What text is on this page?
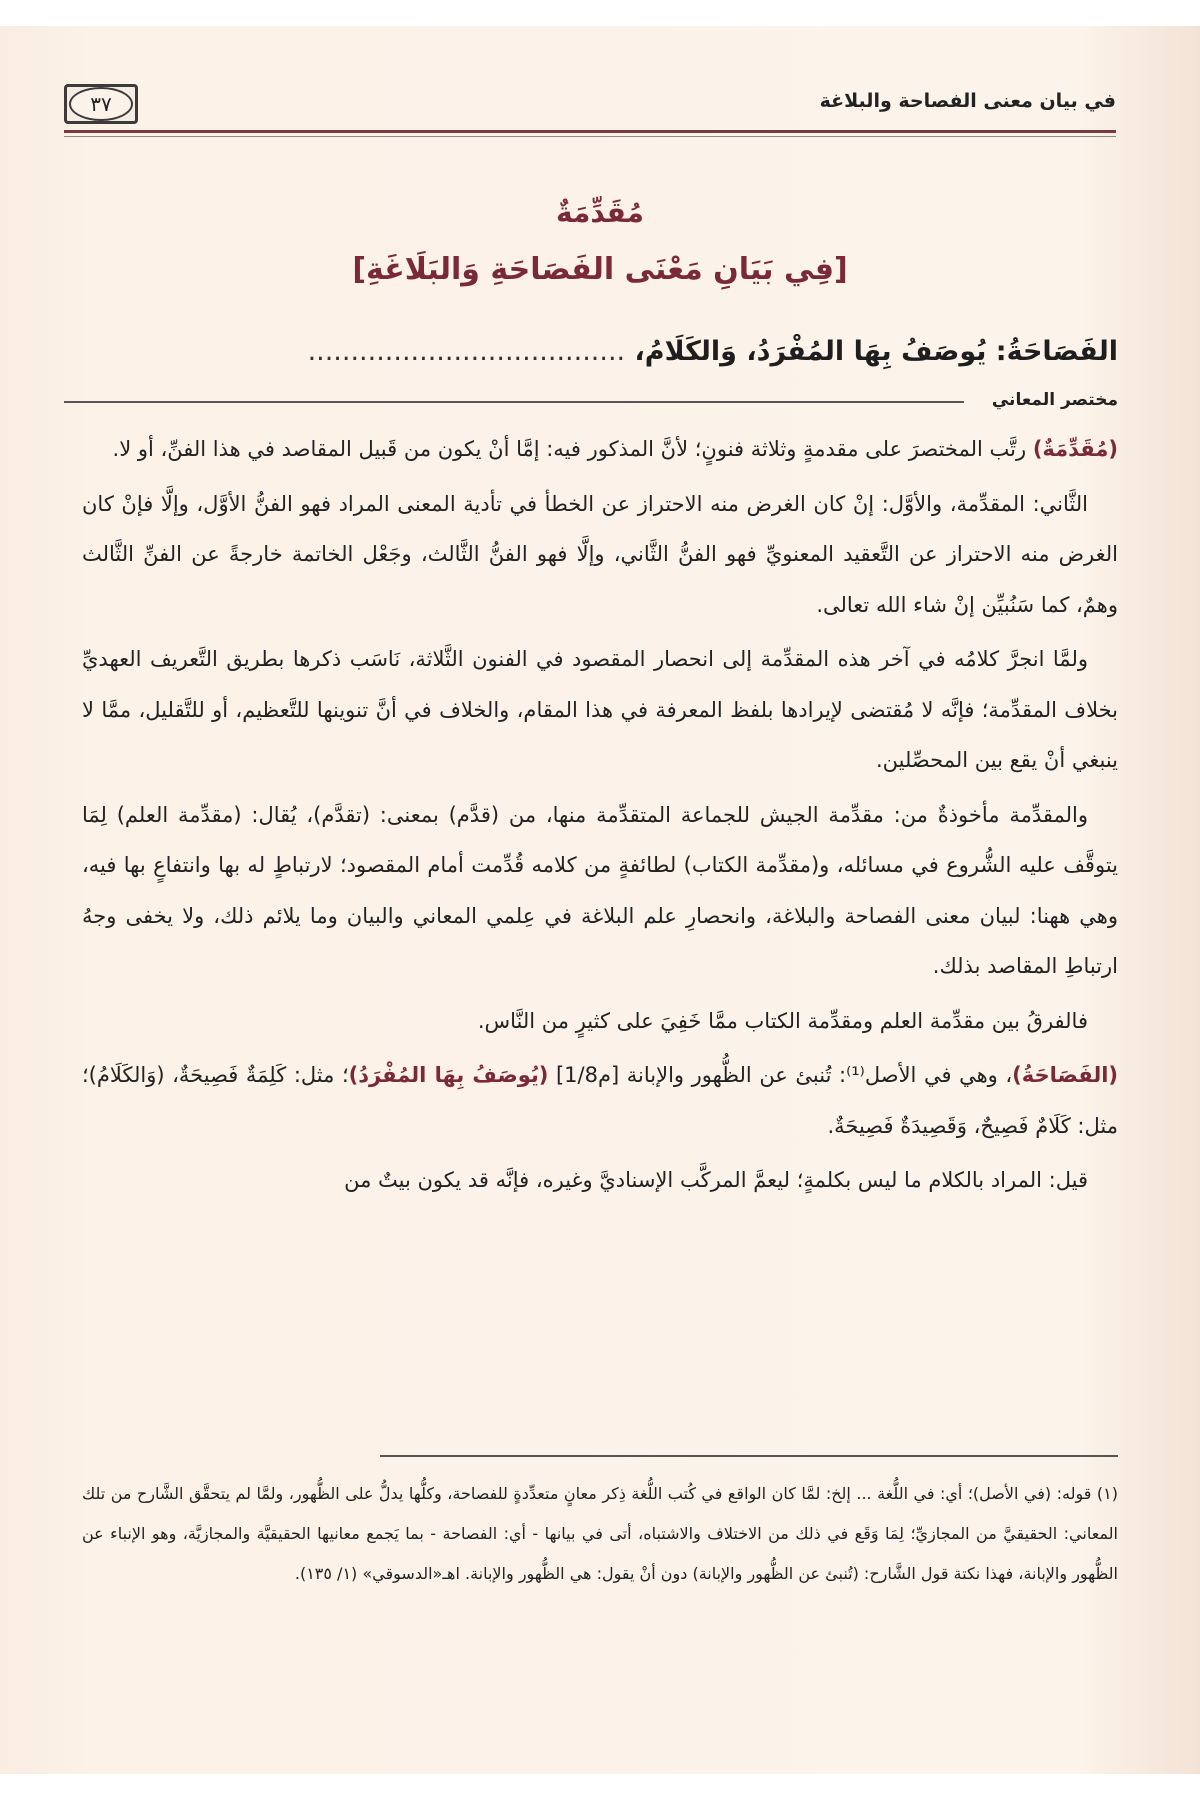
في بيان معنى الفصاحة والبلاغة
٣٧
مُقَدِّمَةٌ
[فِي بَيَانِ مَعْنَى الفَصَاحَةِ وَالبَلَاغَةِ]
الفَصَاحَةُ: يُوصَفُ بِهَا المُفْرَدُ، وَالكَلَامُ، .....................................
مختصر المعاني

(مُقَدِّمَةٌ) رتَّب المختصرَ على مقدمةٍ وثلاثة فنونٍ؛ لأنَّ المذكور فيه: إمَّا أنْ يكون من قَبيل المقاصد في هذا الفنِّ، أو لا.

الثَّاني: المقدِّمة، والأوَّل: إنْ كان الغرض منه الاحتراز عن الخطأ في تأدية المعنى المراد فهو الفنُّ الأوَّل، وإلَّا فإنْ كان الغرض منه الاحتراز عن التَّعقيد المعنويِّ فهو الفنُّ الثَّاني، وإلَّا فهو الفنُّ الثَّالث، وجَعْل الخاتمة خارجةً عن الفنِّ الثَّالث وهمٌ، كما سَنُبيِّن إنْ شاء الله تعالى.

ولمَّا انجرَّ كلامُه في آخر هذه المقدِّمة إلى انحصار المقصود في الفنون الثَّلاثة، نَاسَب ذكرها بطريق التَّعريف العهديِّ بخلاف المقدِّمة؛ فإنَّه لا مُقتضى لإيرادها بلفظ المعرفة في هذا المقام، والخلاف في أنَّ تنوينها للتَّعظيم، أو للتَّقليل، ممَّا لا ينبغي أنْ يقع بين المحصِّلين.

والمقدِّمة مأخوذةٌ من: مقدِّمة الجيش للجماعة المتقدِّمة منها، من (قدَّم) بمعنى: (تقدَّم)، يُقال: (مقدِّمة العلم) لِمَا يتوقَّف عليه الشُّروع في مسائله، و(مقدِّمة الكتاب) لطائفةٍ من كلامه قُدِّمت أمام المقصود؛ لارتباطٍ له بها وانتفاعٍ بها فيه، وهي ههنا: لبيان معنى الفصاحة والبلاغة، وانحصارِ علم البلاغة في عِلمي المعاني والبيان وما يلائم ذلك، ولا يخفى وجهُ ارتباطِ المقاصد بذلك.

فالفرقُ بين مقدِّمة العلم ومقدِّمة الكتاب ممَّا خَفِيَ على كثيرٍ من النَّاس.

(الفَصَاحَةُ)، وهي في الأصل⁽¹⁾: تُنبئ عن الظُّهور والإبانة [م1/8] (يُوصَفُ بِهَا المُفْرَدُ)؛ مثل: كَلِمَةٌ فَصِيحَةٌ، (وَالكَلَامُ)؛ مثل: كَلَامٌ فَصِيحٌ، وَقَصِيدَةٌ فَصِيحَةٌ.

قيل: المراد بالكلام ما ليس بكلمةٍ؛ ليعمَّ المركَّب الإسناديَّ وغيره، فإنَّه قد يكون بيتٌ من

(١) قوله: (في الأصل)؛ أي: في اللُّغة ... إلخ: لمَّا كان الواقع في كُتب اللُّغة ذِكر معانٍ متعدِّدةٍ للفصاحة، وكلُّها يدلُّ على الظُّهور، ولمَّا لم يتحقَّق الشَّارح من تلك المعاني: الحقيقيَّ من المجازيِّ؛ لِمَا وَقَع في ذلك من الاختلاف والاشتباه، أتى في بيانها - أي: الفصاحة - بما يَجمع معانيها الحقيقيَّة والمجازيَّة، وهو الإنباء عن الظُّهور والإبانة، فهذا نكتة قول الشَّارح: (تُنبئ عن الظُّهور والإبانة) دون أنْ يقول: هي الظُّهور والإبانة. اهـ«الدسوقي» (١/ ١٣٥).
